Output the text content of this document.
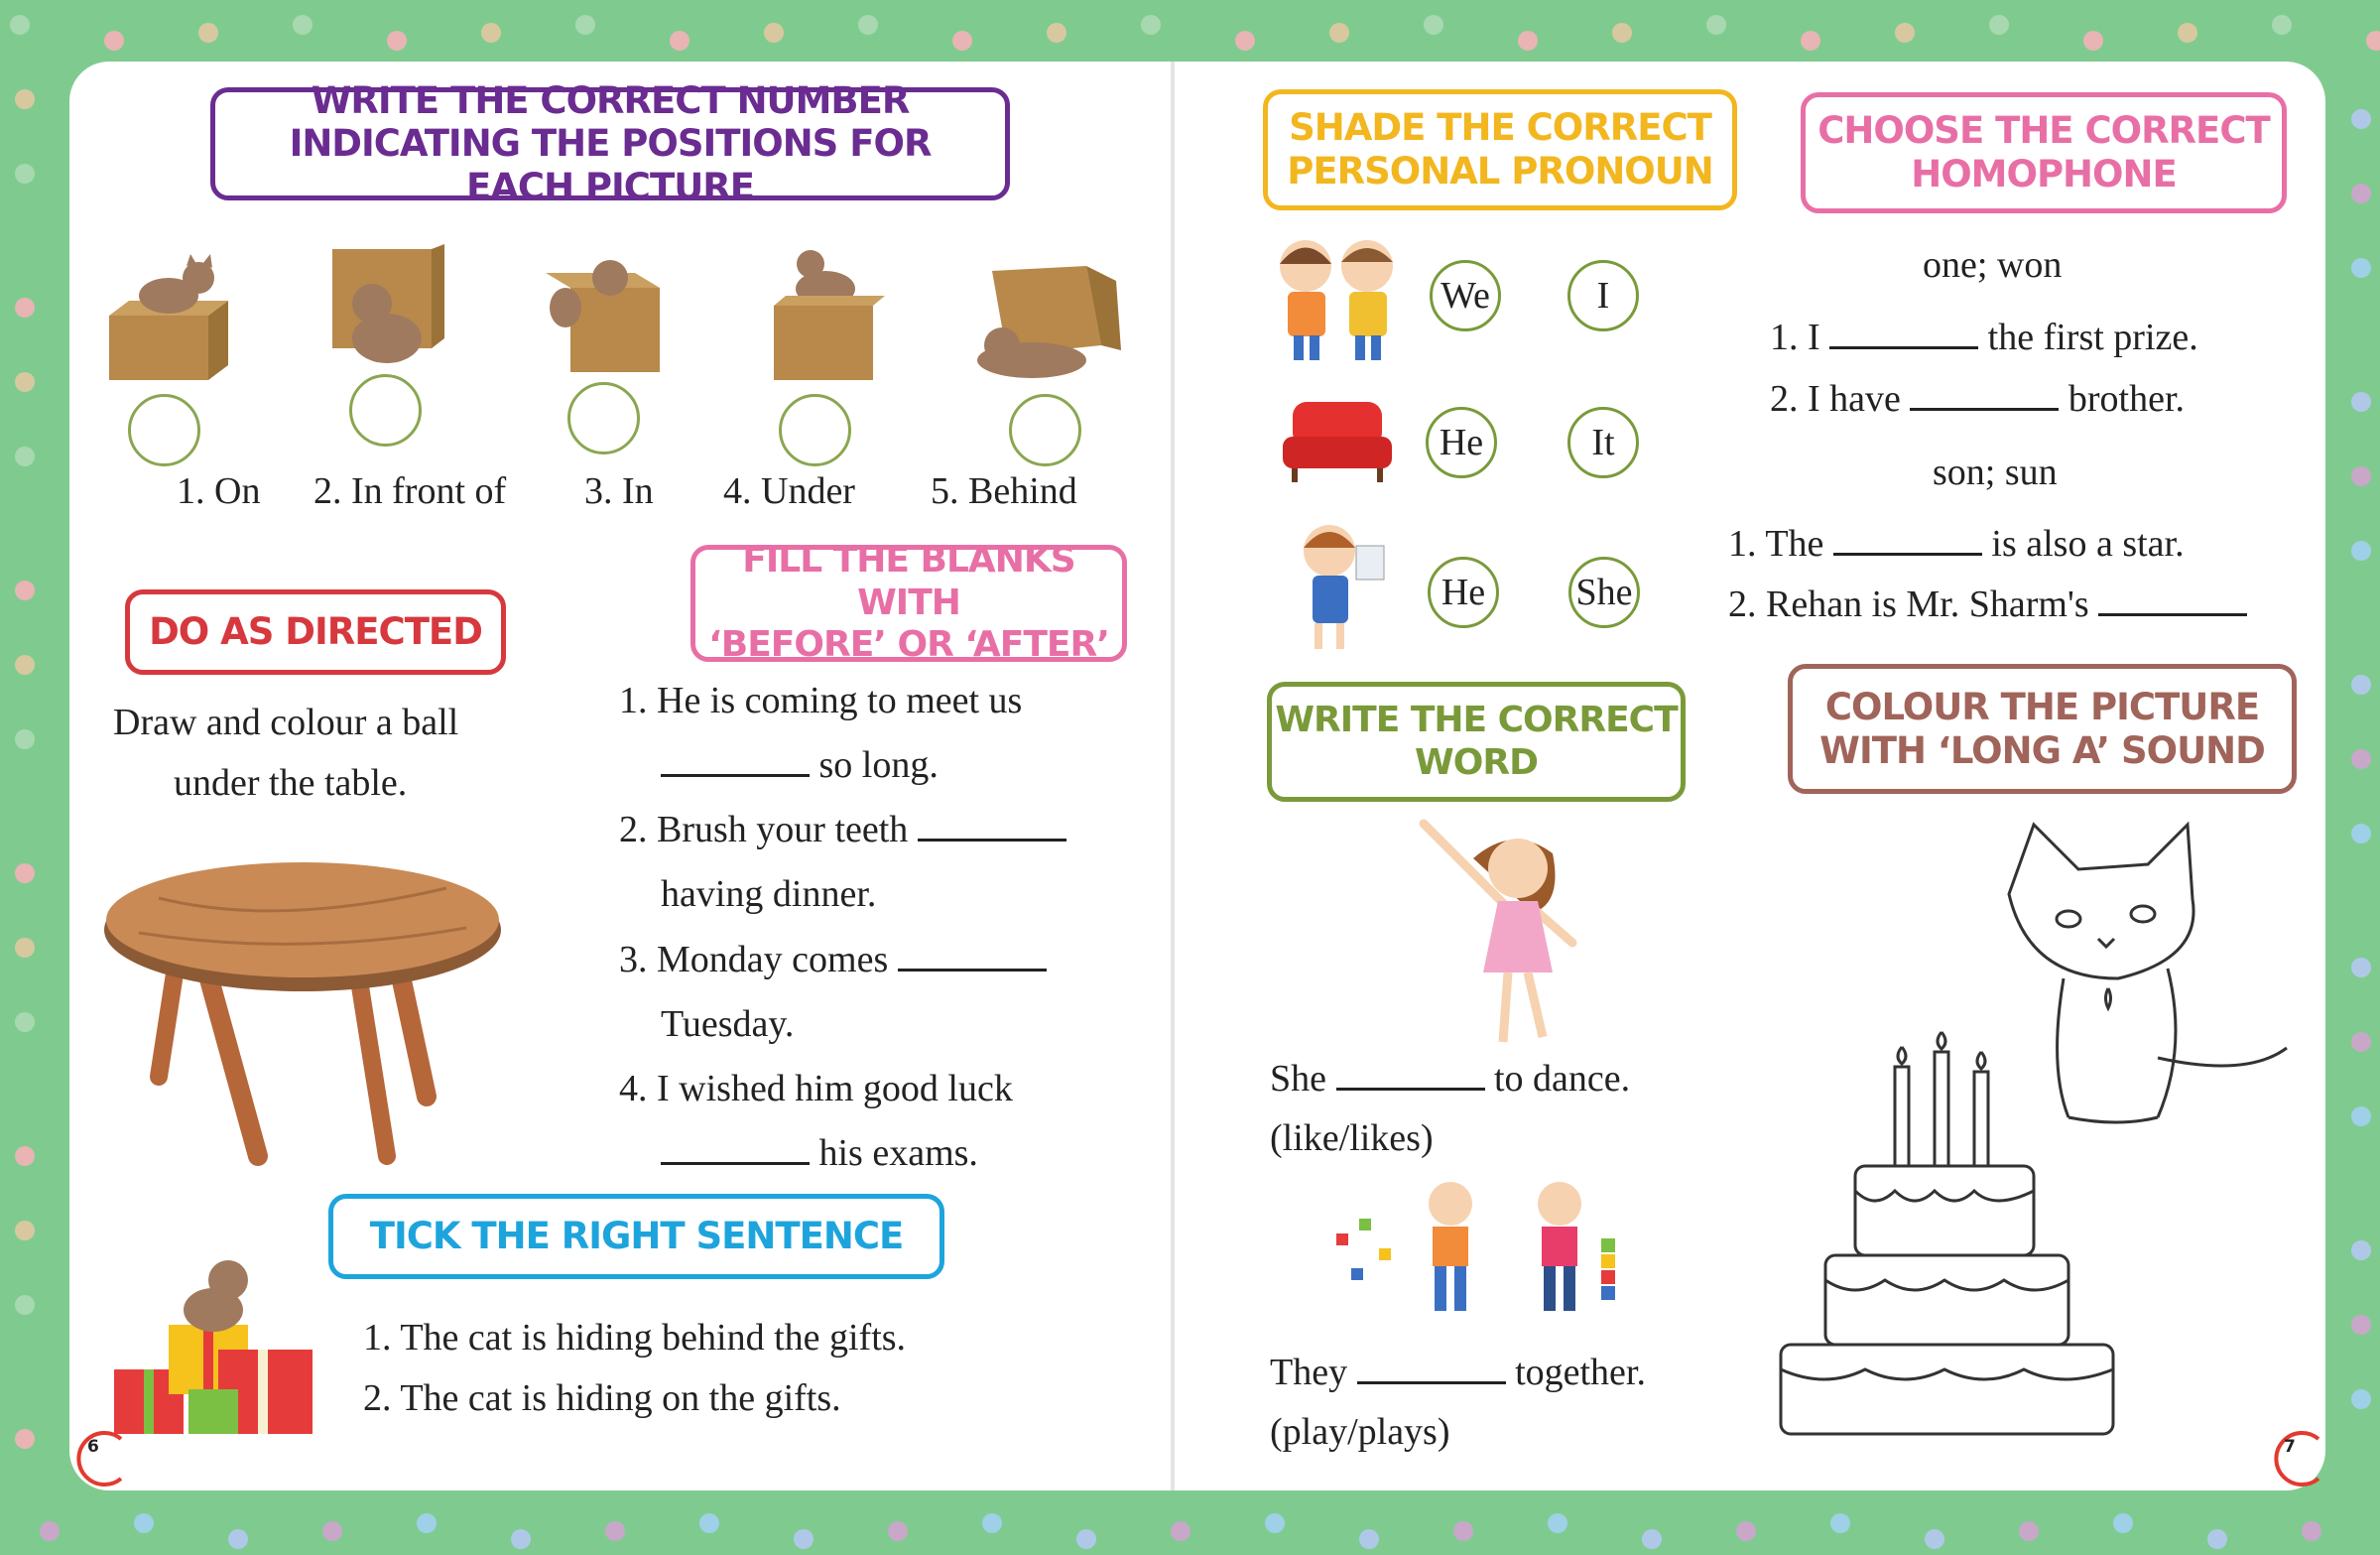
WRITE THE CORRECT NUMBER INDICATING THE POSITIONS FOR EACH PICTURE
1. On 2. In front of 3. In 4. Under 5. Behind
DO AS DIRECTED
Draw and colour a ball
under the table.
FILL THE BLANKS WITH
‘BEFORE’ OR ‘AFTER’
1. He is coming to meet us
so long.
2. Brush your teeth
having dinner.
3. Monday comes
Tuesday.
4. I wished him good luck
his exams.
TICK THE RIGHT SENTENCE
1. The cat is hiding behind the gifts.
2. The cat is hiding on the gifts.
6
SHADE THE CORRECT
PERSONAL PRONOUN
We	I
He	It
He	She
WRITE THE CORRECT
WORD
She	to dance.
(like/likes)
They	together.
(play/plays)
CHOOSE THE CORRECT
HOMOPHONE
one; won
1. I	the first prize.
2. I have	brother.
son; sun
1. The	is also a star.
2. Rehan is Mr. Sharm's
COLOUR THE PICTURE
WITH ‘LONG A’ SOUND
7
